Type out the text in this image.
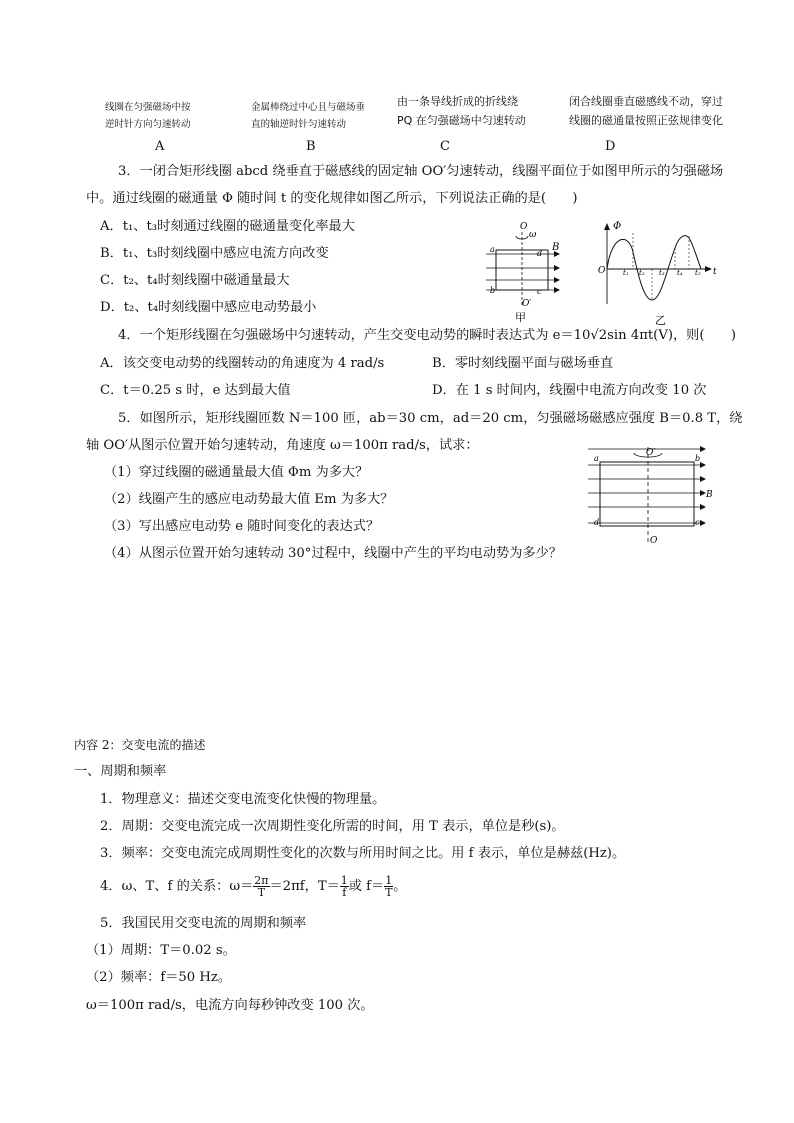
线圈在匀强磁场中按
逆时针方向匀速转动
金属棒绕过中心且与磁场垂
直的轴逆时针匀速转动
由一条导线折成的折线绕
PQ 在匀强磁场中匀速转动
闭合线圈垂直磁感线不动，穿过
线圈的磁通量按照正弦规律变化
A	B	C	D
3．一闭合矩形线圈 abcd 绕垂直于磁感线的固定轴 OO′匀速转动，线圈平面位于如图甲所示的匀强磁场
中。通过线圈的磁通量 Φ 随时间 t 的变化规律如图乙所示，下列说法正确的是(　　)
A．t₁、t₃时刻通过线圈的磁通量变化率最大
B．t₁、t₃时刻线圈中感应电流方向改变
C．t₂、t₄时刻线圈中磁通量最大
D．t₂、t₄时刻线圈中感应电动势最小
O
ω
B
a	d
b	c
O′
甲
Φ
O	t
t₁ t₂ t₃ t₄ t₅
乙
4．一个矩形线圈在匀强磁场中匀速转动，产生交变电动势的瞬时表达式为 e＝10√2sin 4πt(V)，则(　　)
A．该交变电动势的线圈转动的角速度为 4 rad/s	B．零时刻线圈平面与磁场垂直
C．t＝0.25 s 时，e 达到最大值	D．在 1 s 时间内，线圈中电流方向改变 10 次
5．如图所示，矩形线圈匝数 N＝100 匝，ab＝30 cm，ad＝20 cm，匀强磁场磁感应强度 B＝0.8 T，绕
轴 OO′从图示位置开始匀速转动，角速度 ω＝100π rad/s，试求：
（1）穿过线圈的磁通量最大值 Φm 为多大？
（2）线圈产生的感应电动势最大值 Em 为多大？
（3）写出感应电动势 e 随时间变化的表达式？
（4）从图示位置开始匀速转动 30°过程中，线圈中产生的平均电动势为多少？
O′
a	b
d	c
B
O
内容 2：交变电流的描述
一、周期和频率
1．物理意义：描述交变电流变化快慢的物理量。
2．周期：交变电流完成一次周期性变化所需的时间，用 T 表示，单位是秒(s)。
3．频率：交变电流完成周期性变化的次数与所用时间之比。用 f 表示，单位是赫兹(Hz)。
4．ω、T、f 的关系：$\omega= \frac{2\pi}{T} =2\pi f$，$T= \frac{1}{f}$ 或 $f= \frac{1}{T}$ 。
5．我国民用交变电流的周期和频率
（1）周期：T＝0.02 s。
（2）频率：f＝50 Hz。
ω＝100π rad/s，电流方向每秒钟改变 100 次。
